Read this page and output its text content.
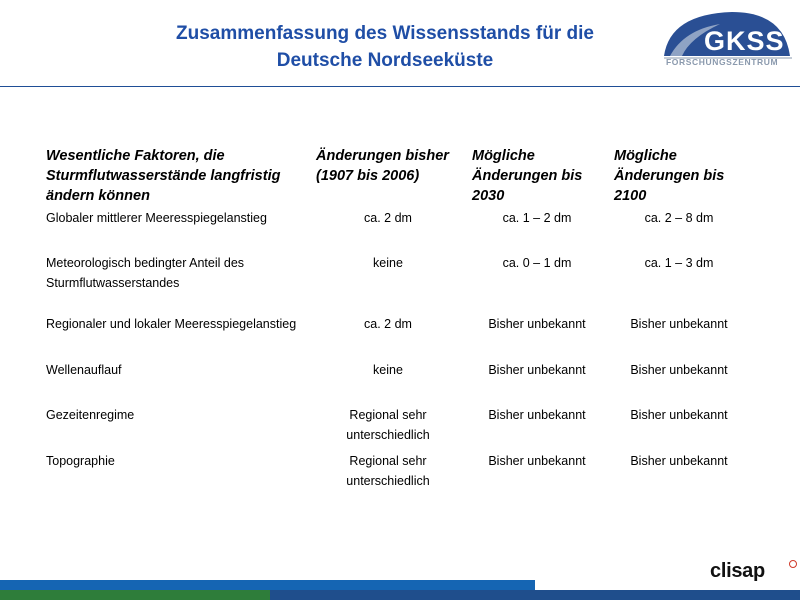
Zusammenfassung des Wissensstands für die
Deutsche Nordseeküste
GKSS
FORSCHUNGSZENTRUM
Wesentliche Faktoren, die Sturmflutwasserstände langfristig ändern können	Änderungen bisher (1907 bis 2006)	Mögliche Änderungen bis 2030	Mögliche Änderungen bis 2100
Globaler mittlerer Meeresspiegelanstieg	ca. 2 dm	ca. 1 – 2 dm	ca. 2 – 8 dm
Meteorologisch bedingter Anteil des Sturmflutwasserstandes	keine	ca. 0 – 1 dm	ca. 1 – 3 dm
Regionaler und lokaler Meeresspiegelanstieg	ca. 2 dm	Bisher unbekannt	Bisher unbekannt
Wellenauflauf	keine	Bisher unbekannt	Bisher unbekannt
Gezeitenregime	Regional sehr unterschiedlich	Bisher unbekannt	Bisher unbekannt
Topographie	Regional sehr unterschiedlich	Bisher unbekannt	Bisher unbekannt
clisap
